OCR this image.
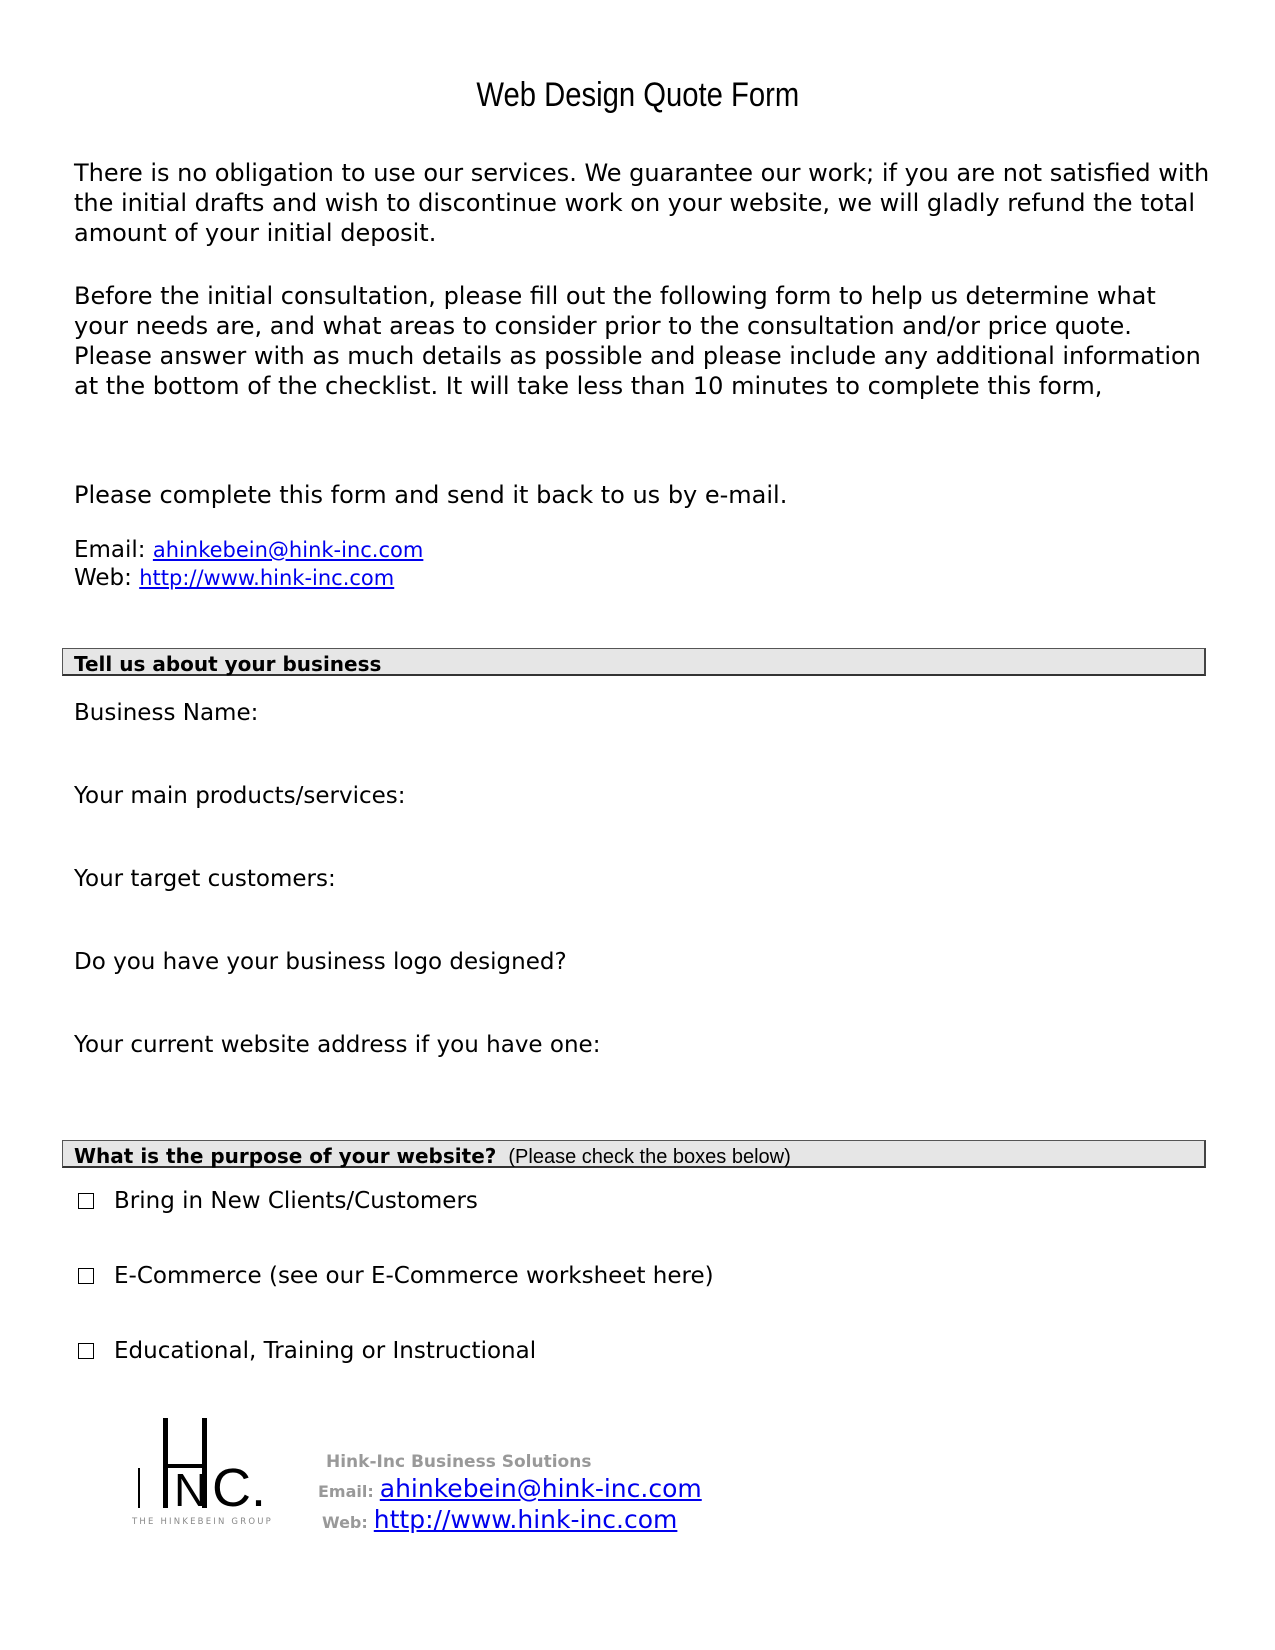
Web Design Quote Form

There is no obligation to use our services. We guarantee our work; if you are not satisfied with the initial drafts and wish to discontinue work on your website, we will gladly refund the total amount of your initial deposit.

Before the initial consultation, please fill out the following form to help us determine what your needs are, and what areas to consider prior to the consultation and/or price quote. Please answer with as much details as possible and please include any additional information at the bottom of the checklist. It will take less than 10 minutes to complete this form,

Please complete this form and send it back to us by e-mail.
Email: ahinkebein@hink-inc.com
Web: http://www.hink-inc.com
Tell us about your business
Business Name:
Your main products/services:
Your target customers:
Do you have your business logo designed?
Your current website address if you have one:
What is the purpose of your website? (Please check the boxes below)
Bring in New Clients/Customers
E-Commerce (see our E-Commerce worksheet here)
Educational, Training or Instructional
N C.
THE HINKEBEIN GROUP
Hink-Inc Business Solutions
Email: ahinkebein@hink-inc.com
Web: http://www.hink-inc.com
